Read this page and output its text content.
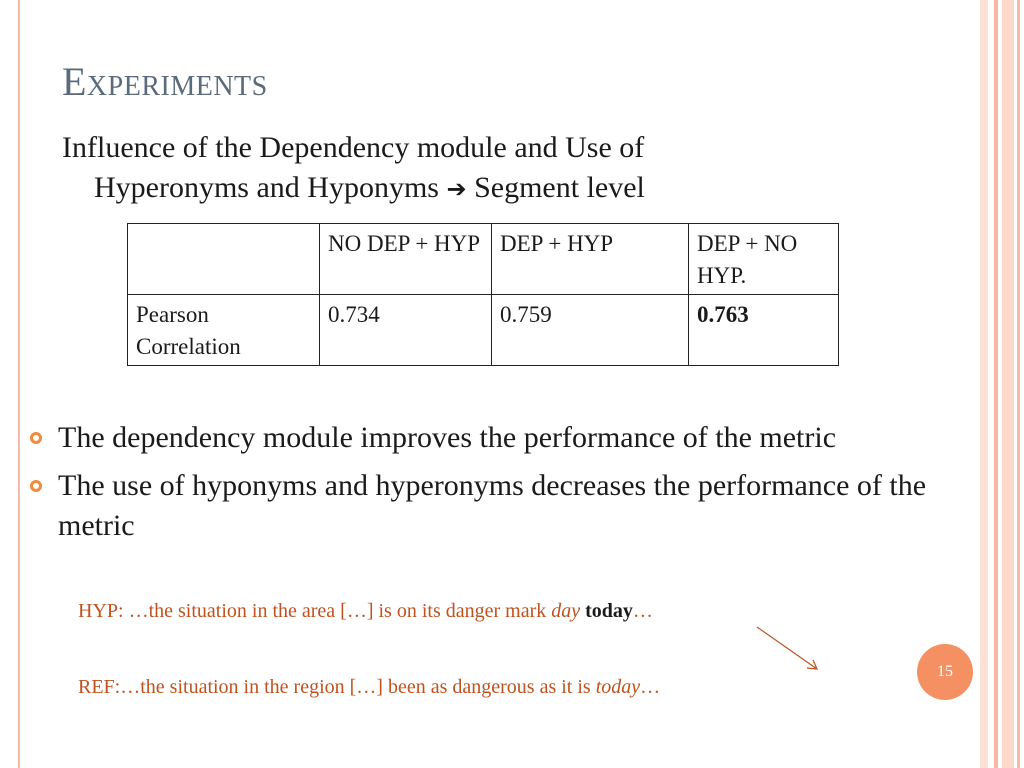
Experiments
Influence of the Dependency module and Use of
Hyperonyms and Hyponyms ➔ Segment level
	NO DEP + HYP	DEP + HYP	DEP + NO HYP.
Pearson Correlation	0.734	0.759	0.763
The dependency module improves the performance of the metric
The use of hyponyms and hyperonyms decreases the performance of the metric
HYP: …the situation in the area […] is on its danger mark day today…
REF:…the situation in the region […] been as dangerous as it is today…
15
